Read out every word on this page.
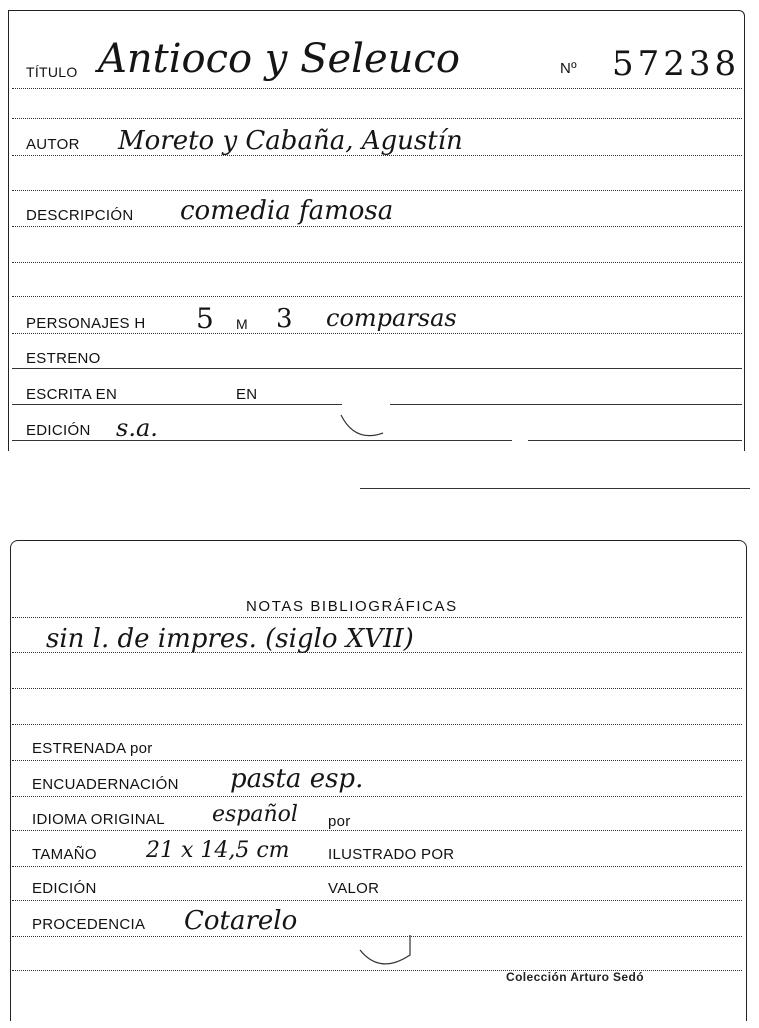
TÍTULO Antioco y Seleuco	Nº 57238
AUTOR Moreto y Cabaña, Agustín
DESCRIPCIÓN comedia famosa
PERSONAJES H 5 M 3 comparsas
ESTRENO
ESCRITA EN	EN
EDICIÓN s.a.
NOTAS BIBLIOGRÁFICAS
sin l. de impres. (siglo XVII)
ESTRENADA por
ENCUADERNACIÓN pasta esp.
IDIOMA ORIGINAL español por
TAMAÑO 21 x 14,5 cm	ILUSTRADO POR
EDICIÓN	VALOR
PROCEDENCIA Cotarelo
Colección Arturo Sedó
